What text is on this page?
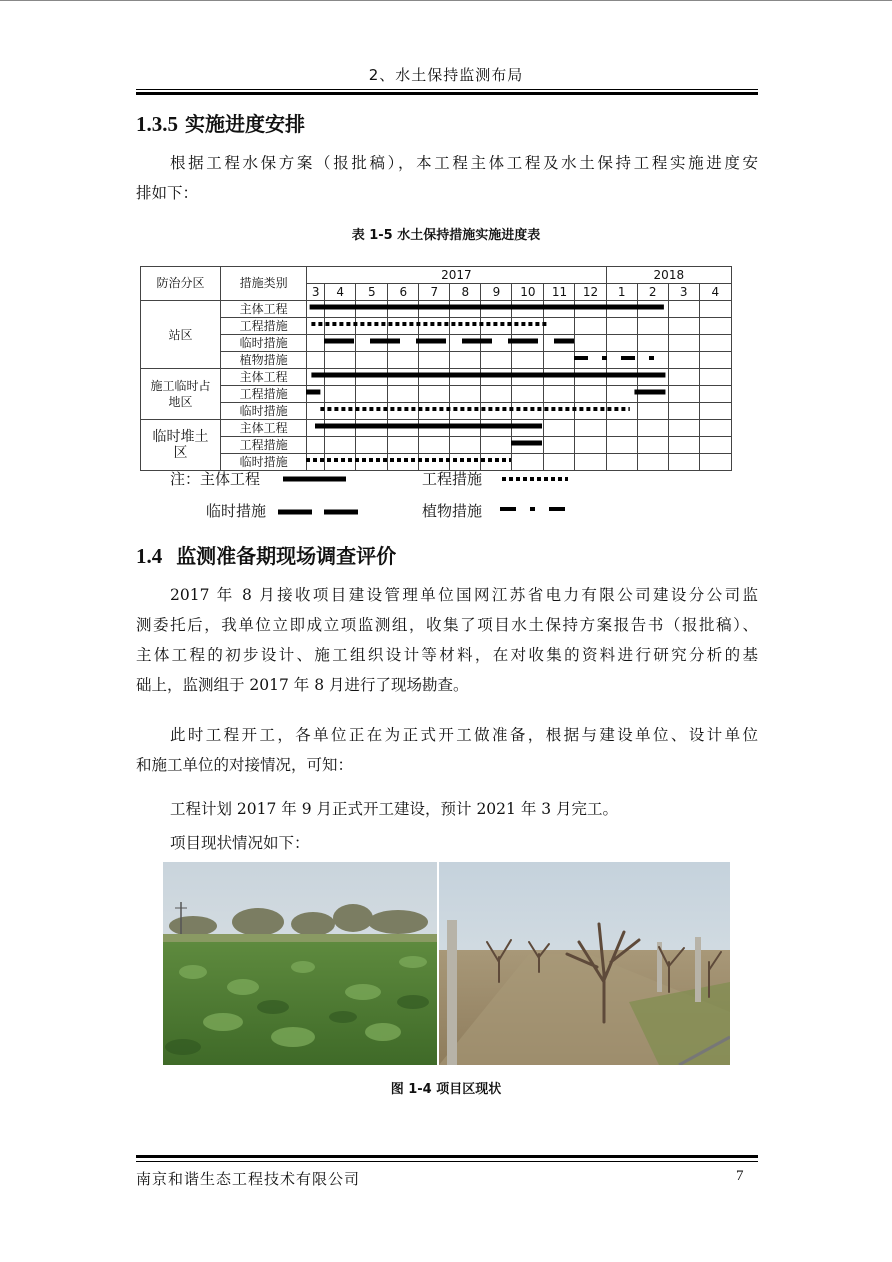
2、水土保持监测布局
1.3.5 实施进度安排
根据工程水保方案（报批稿），本工程主体工程及水土保持工程实施进度安
排如下：
表 1-5 水土保持措施实施进度表
防治分区	措施类别	2017										2018			
		3	4	5	6	7	8	9	10	11	12	1	2	3	4
站区	主体工程														
	工程措施														
	临时措施														
	植物措施														

施工临时占
地区	主体工程														
	工程措施														
	临时措施														

临时堆土
区	主体工程														
	工程措施														
	临时措施														
注：主体工程	工程措施
临时措施	植物措施
1.4 监测准备期现场调查评价
2017 年 8 月接收项目建设管理单位国网江苏省电力有限公司建设分公司监
测委托后，我单位立即成立项监测组，收集了项目水土保持方案报告书（报批稿）、
主体工程的初步设计、施工组织设计等材料，在对收集的资料进行研究分析的基
础上，监测组于 2017 年 8 月进行了现场勘查。
此时工程开工，各单位正在为正式开工做准备，根据与建设单位、设计单位
和施工单位的对接情况，可知：
工程计划 2017 年 9 月正式开工建设，预计 2021 年 3 月完工。
项目现状情况如下：
图 1-4 项目区现状
南京和谐生态工程技术有限公司	7
